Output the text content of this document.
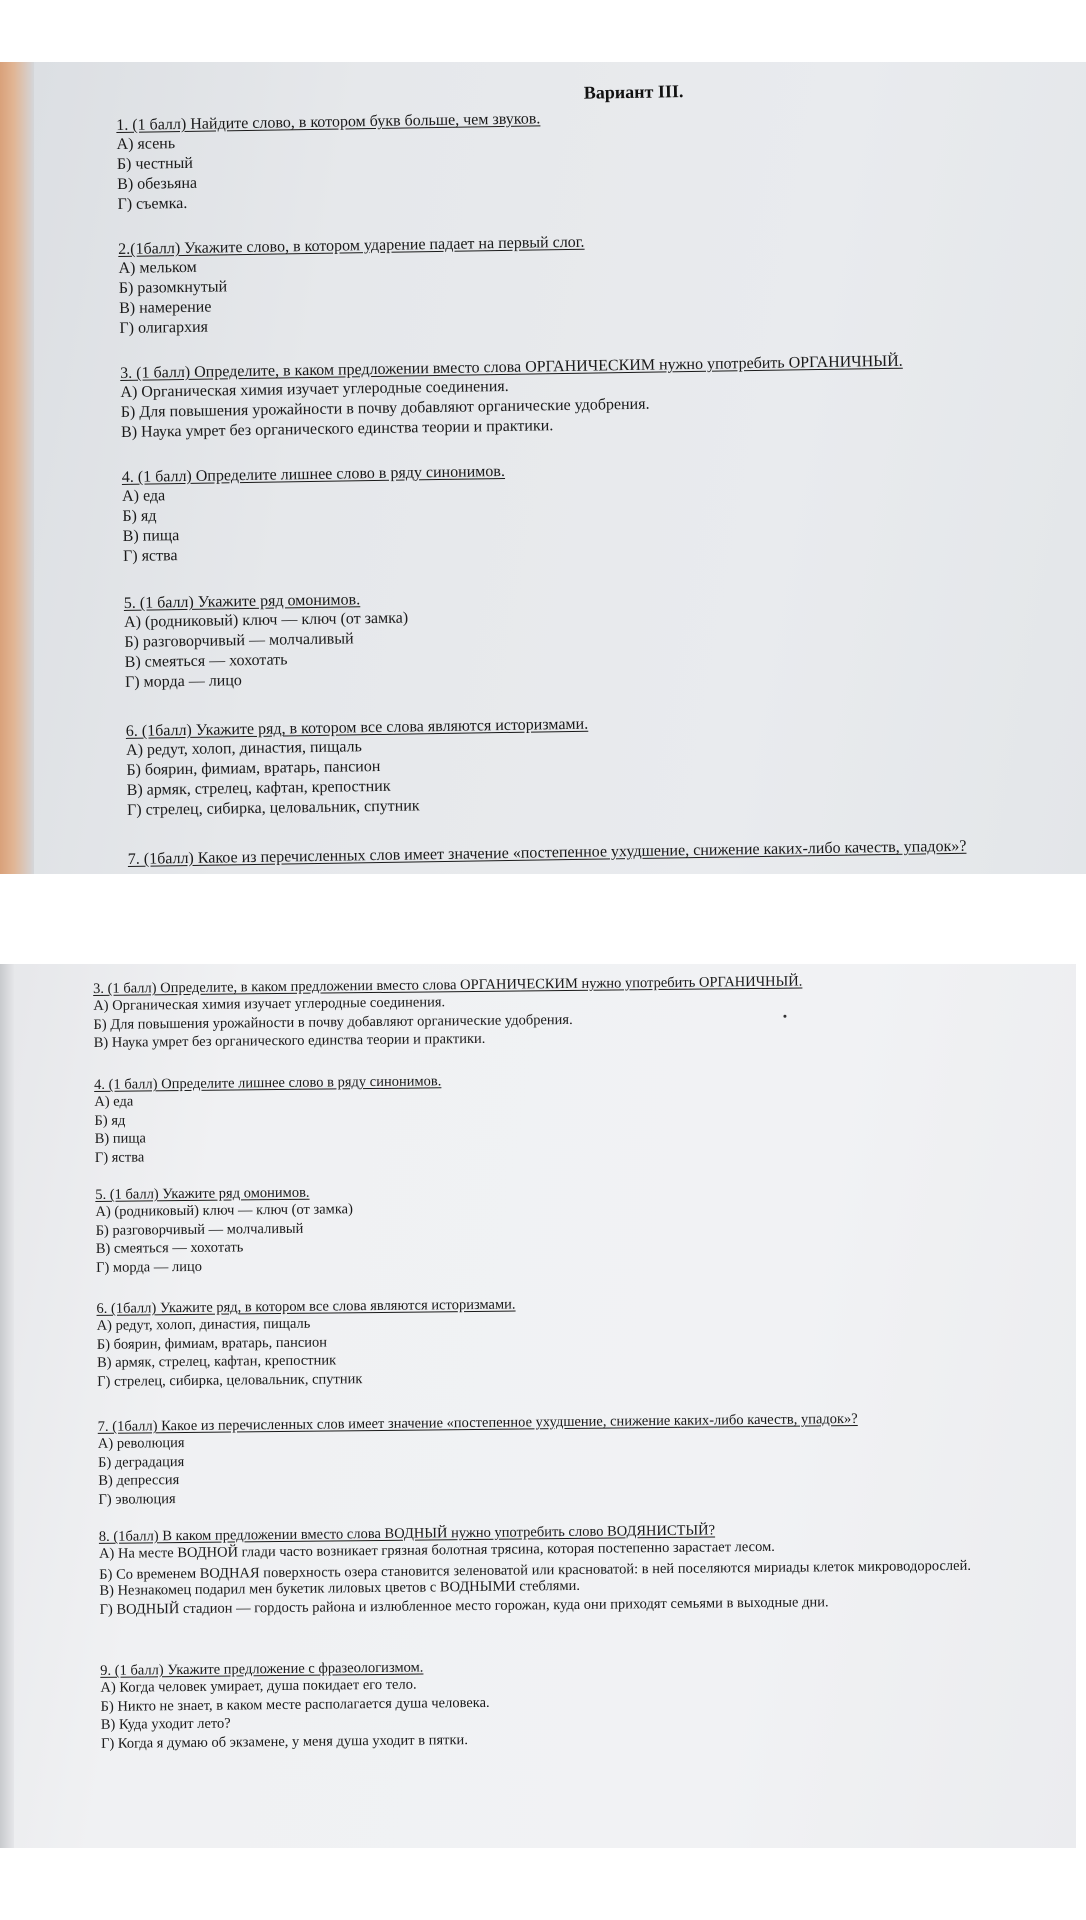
Вариант III.
1. (1 балл) Найдите слово, в котором букв больше, чем звуков.
А) ясень
Б) честный
В) обезьяна
Г) съемка.
2.(1балл) Укажите слово, в котором ударение падает на первый слог.
А) мельком
Б) разомкнутый
В) намерение
Г) олигархия
3. (1 балл) Определите, в каком предложении вместо слова ОРГАНИЧЕСКИМ нужно употребить ОРГАНИЧНЫЙ.
А) Органическая химия изучает углеродные соединения.
Б) Для повышения урожайности в почву добавляют органические удобрения.
В) Наука умрет без органического единства теории и практики.
4. (1 балл) Определите лишнее слово в ряду синонимов.
А) еда
Б) яд
В) пища
Г) яства
5. (1 балл) Укажите ряд омонимов.
А) (родниковый) ключ — ключ (от замка)
Б) разговорчивый — молчаливый
В) смеяться — хохотать
Г) морда — лицо
6. (1балл) Укажите ряд, в котором все слова являются историзмами.
А) редут, холоп, династия, пищаль
Б) боярин, фимиам, вратарь, пансион
В) армяк, стрелец, кафтан, крепостник
Г) стрелец, сибирка, целовальник, спутник
7. (1балл) Какое из перечисленных слов имеет значение «постепенное ухудшение, снижение каких-либо качеств, упадок»?
3. (1 балл) Определите, в каком предложении вместо слова ОРГАНИЧЕСКИМ нужно употребить ОРГАНИЧНЫЙ.
А) Органическая химия изучает углеродные соединения.
Б) Для повышения урожайности в почву добавляют органические удобрения.
В) Наука умрет без органического единства теории и практики.
4. (1 балл) Определите лишнее слово в ряду синонимов.
А) еда
Б) яд
В) пища
Г) яства
5. (1 балл) Укажите ряд омонимов.
А) (родниковый) ключ — ключ (от замка)
Б) разговорчивый — молчаливый
В) смеяться — хохотать
Г) морда — лицо
6. (1балл) Укажите ряд, в котором все слова являются историзмами.
А) редут, холоп, династия, пищаль
Б) боярин, фимиам, вратарь, пансион
В) армяк, стрелец, кафтан, крепостник
Г) стрелец, сибирка, целовальник, спутник
7. (1балл) Какое из перечисленных слов имеет значение «постепенное ухудшение, снижение каких-либо качеств, упадок»?
А) революция
Б) деградация
В) депрессия
Г) эволюция
8. (1балл) В каком предложении вместо слова ВОДНЫЙ нужно употребить слово ВОДЯНИСТЫЙ?
А) На месте ВОДНОЙ глади часто возникает грязная болотная трясина, которая постепенно зарастает лесом.
Б) Со временем ВОДНАЯ поверхность озера становится зеленоватой или красноватой: в ней поселяются мириады клеток микроводорослей.
В) Незнакомец подарил мен букетик лиловых цветов с ВОДНЫМИ стеблями.
Г) ВОДНЫЙ стадион — гордость района и излюбленное место горожан, куда они приходят семьями в выходные дни.
9. (1 балл) Укажите предложение с фразеологизмом.
А) Когда человек умирает, душа покидает его тело.
Б) Никто не знает, в каком месте располагается душа человека.
В) Куда уходит лето?
Г) Когда я думаю об экзамене, у меня душа уходит в пятки.
